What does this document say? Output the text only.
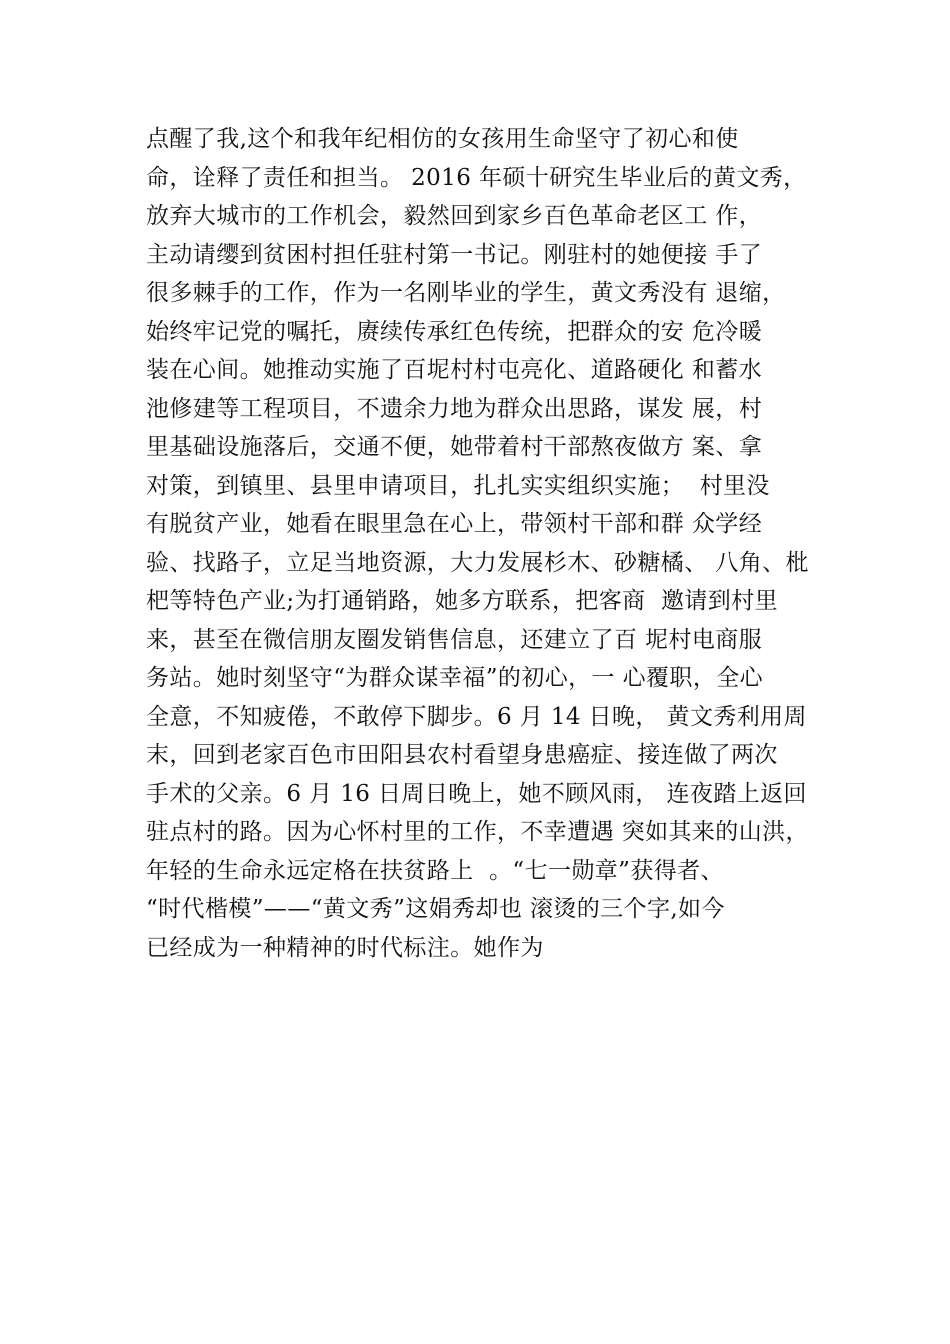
点醒了我,这个和我年纪相仿的女孩用生命坚守了初心和使
命，诠释了责任和担当。 2016 年硕十研究生毕业后的黄文秀，
放弃大城市的工作机会，毅然回到家乡百色革命老区工 作，
主动请缨到贫困村担任驻村第一书记。刚驻村的她便接 手了
很多棘手的工作，作为一名刚毕业的学生，黄文秀没有 退缩，
始终牢记党的嘱托，赓续传承红色传统，把群众的安 危冷暖
装在心间。她推动实施了百坭村村屯亮化、道路硬化 和蓄水
池修建等工程项目，不遗余力地为群众出思路，谋发 展，村
里基础设施落后，交通不便，她带着村干部熬夜做方 案、拿
对策，到镇里、县里申请项目，扎扎实实组织实施；  村里没
有脱贫产业，她看在眼里急在心上，带领村干部和群 众学经
验、找路子，立足当地资源，大力发展杉木、砂糖橘、 八角、枇
杷等特色产业;为打通销路，她多方联系，把客商  邀请到村里
来，甚至在微信朋友圈发销售信息，还建立了百 坭村电商服
务站。她时刻坚守“为群众谋幸福”的初心，一 心覆职，全心
全意，不知疲倦，不敢停下脚步。6 月 14 日晚， 黄文秀利用周
末，回到老家百色市田阳县农村看望身患癌症、接连做了两次
手术的父亲。6 月 16 日周日晚上，她不顾风雨， 连夜踏上返回
驻点村的路。因为心怀村里的工作，不幸遭遇 突如其来的山洪，
年轻的生命永远定格在扶贫路上  。“七一勋章”获得者、
“时代楷模”——“黄文秀”这娟秀却也 滚烫的三个字,如今
已经成为一种精神的时代标注。她作为
